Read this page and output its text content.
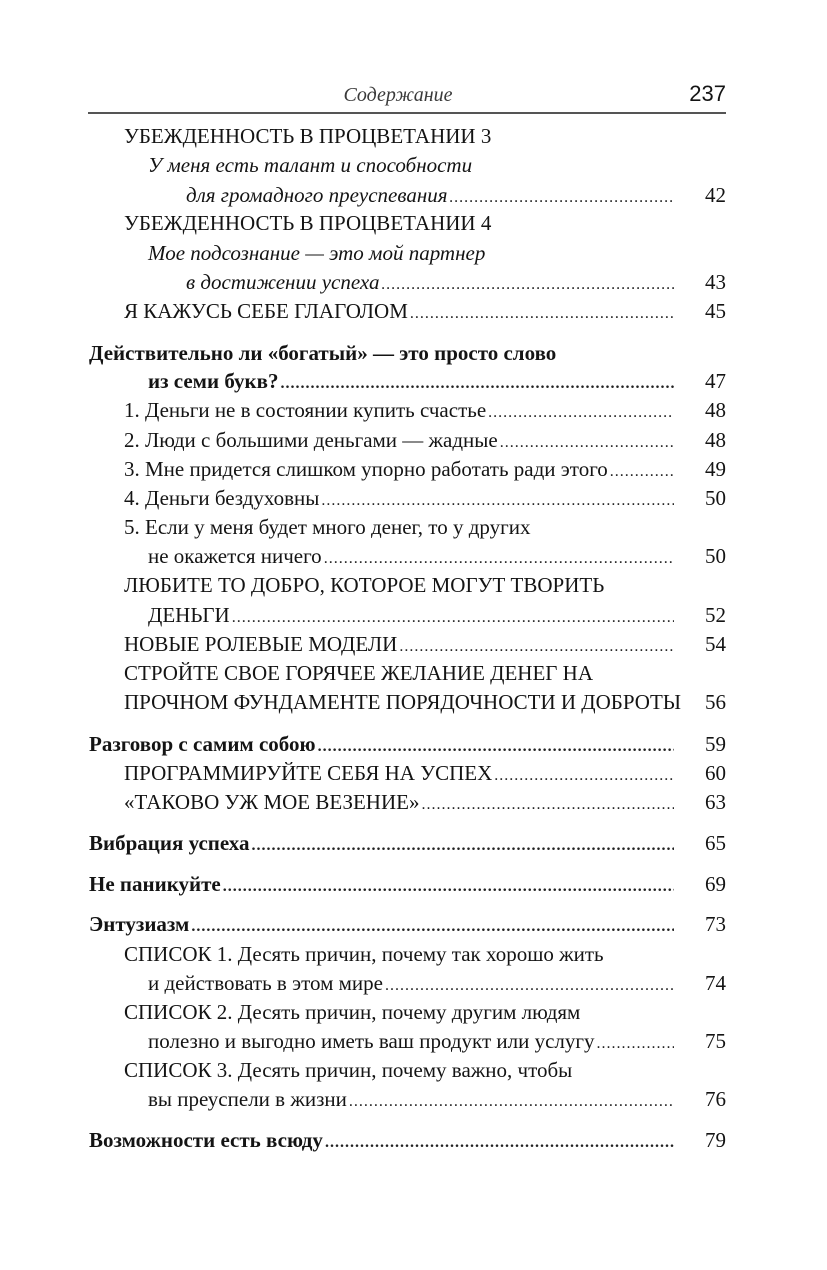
Содержание	237
УБЕЖДЕННОСТЬ В ПРОЦВЕТАНИИ 3
У меня есть талант и способности
для громадного преуспевания .....	42
УБЕЖДЕННОСТЬ В ПРОЦВЕТАНИИ 4
Мое подсознание — это мой партнер
в достижении успеха .....	43
Я КАЖУСЬ СЕБЕ ГЛАГОЛОМ .....	45
Действительно ли «богатый» — это просто слово
из семи букв? .....	47
1. Деньги не в состоянии купить счастье .....	48
2. Люди с большими деньгами — жадные .....	48
3. Мне придется слишком упорно работать ради этого .....	49
4. Деньги бездуховны .....	50
5. Если у меня будет много денег, то у других
не окажется ничего .....	50
ЛЮБИТЕ ТО ДОБРО, КОТОРОЕ МОГУТ ТВОРИТЬ
ДЕНЬГИ .....	52
НОВЫЕ РОЛЕВЫЕ МОДЕЛИ .....	54
СТРОЙТЕ СВОЕ ГОРЯЧЕЕ ЖЕЛАНИЕ ДЕНЕГ НА
ПРОЧНОМ ФУНДАМЕНТЕ ПОРЯДОЧНОСТИ И ДОБРОТЫ	56
Разговор с самим собою .....	59
ПРОГРАММИРУЙТЕ СЕБЯ НА УСПЕХ .....	60
«ТАКОВО УЖ МОЕ ВЕЗЕНИЕ» .....	63
Вибрация успеха .....	65
Не паникуйте .....	69
Энтузиазм .....	73
СПИСОК 1. Десять причин, почему так хорошо жить
и действовать в этом мире .....	74
СПИСОК 2. Десять причин, почему другим людям
полезно и выгодно иметь ваш продукт или услугу .....	75
СПИСОК 3. Десять причин, почему важно, чтобы
вы преуспели в жизни .....	76
Возможности есть всюду .....	79
